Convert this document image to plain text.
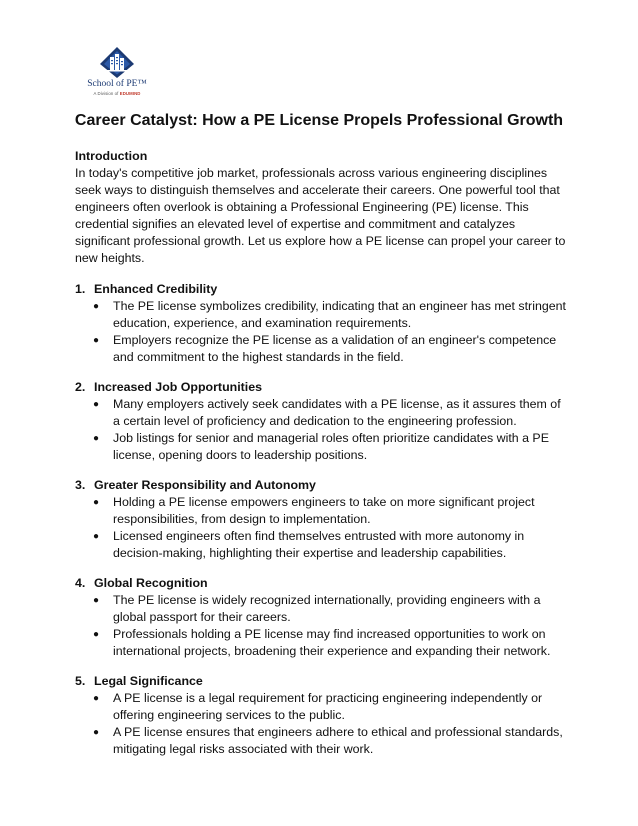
School of PE™
A Division of EDUMIND
Career Catalyst: How a PE License Propels Professional Growth
Introduction

In today's competitive job market, professionals across various engineering disciplines seek ways to distinguish themselves and accelerate their careers. One powerful tool that engineers often overlook is obtaining a Professional Engineering (PE) license. This credential signifies an elevated level of expertise and commitment and catalyzes significant professional growth. Let us explore how a PE license can propel your career to new heights.

1. Enhanced Credibility
●	The PE license symbolizes credibility, indicating that an engineer has met stringent education, experience, and examination requirements.
●	Employers recognize the PE license as a validation of an engineer's competence and commitment to the highest standards in the field.
2. Increased Job Opportunities
●	Many employers actively seek candidates with a PE license, as it assures them of a certain level of proficiency and dedication to the engineering profession.
●	Job listings for senior and managerial roles often prioritize candidates with a PE license, opening doors to leadership positions.
3. Greater Responsibility and Autonomy
●	Holding a PE license empowers engineers to take on more significant project responsibilities, from design to implementation.
●	Licensed engineers often find themselves entrusted with more autonomy in decision-making, highlighting their expertise and leadership capabilities.
4. Global Recognition
●	The PE license is widely recognized internationally, providing engineers with a global passport for their careers.
●	Professionals holding a PE license may find increased opportunities to work on international projects, broadening their experience and expanding their network.
5. Legal Significance
●	A PE license is a legal requirement for practicing engineering independently or offering engineering services to the public.
●	A PE license ensures that engineers adhere to ethical and professional standards, mitigating legal risks associated with their work.
